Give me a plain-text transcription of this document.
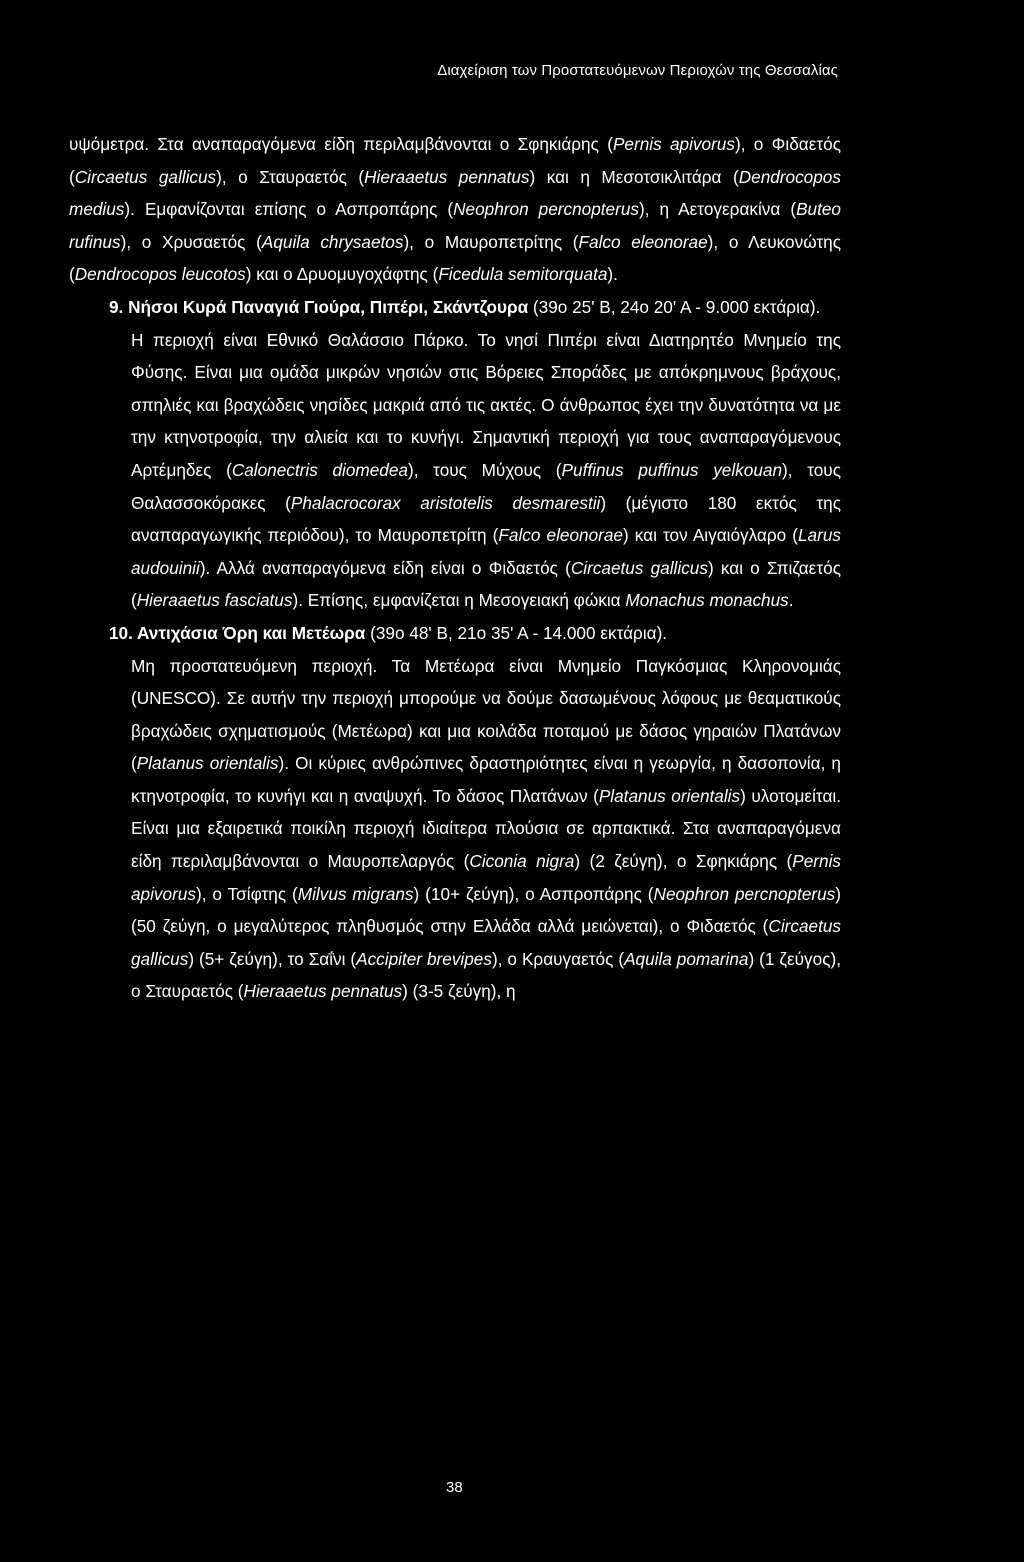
Διαχείριση των Προστατευόμενων Περιοχών της Θεσσαλίας

υψόμετρα. Στα αναπαραγόμενα είδη περιλαμβάνονται ο Σφηκιάρης (Pernis apivorus), ο Φιδαετός (Circaetus gallicus), ο Σταυραετός (Hieraaetus pennatus) και η Μεσοτσικλιτάρα (Dendrocopos medius). Εμφανίζονται επίσης ο Ασπροπάρης (Neophron percnopterus), η Αετογερακίνα (Buteo rufinus), ο Χρυσαετός (Aquila chrysaetos), ο Μαυροπετρίτης (Falco eleonorae), ο Λευκονώτης (Dendrocopos leucotos) και ο Δρυομυγοχάφτης (Ficedula semitorquata).

9. Νήσοι Κυρά Παναγιά Γιούρα, Πιπέρι, Σκάντζουρα (39ο 25' Β, 24ο 20' Α - 9.000 εκτάρια).

Η περιοχή είναι Εθνικό Θαλάσσιο Πάρκο. Το νησί Πιπέρι είναι Διατηρητέο Μνημείο της Φύσης. Είναι μια ομάδα μικρών νησιών στις Βόρειες Σποράδες με απόκρημνους βράχους, σπηλιές και βραχώδεις νησίδες μακριά από τις ακτές. Ο άνθρωπος έχει την δυνατότητα να με την κτηνοτροφία, την αλιεία και το κυνήγι. Σημαντική περιοχή για τους αναπαραγόμενους Αρτέμηδες (Calonectris diomedea), τους Μύχους (Puffinus puffinus yelkouan), τους Θαλασσοκόρακες (Phalacrocorax aristotelis desmarestii) (μέγιστο 180 εκτός της αναπαραγωγικής περιόδου), το Μαυροπετρίτη (Falco eleonorae) και τον Αιγαιόγλαρο (Larus audouinii). Αλλά αναπαραγόμενα είδη είναι ο Φιδαετός (Circaetus gallicus) και ο Σπιζαετός (Hieraaetus fasciatus). Επίσης, εμφανίζεται η Μεσογειακή φώκια Monachus monachus.

10. Αντιχάσια Όρη και Μετέωρα (39ο 48' Β, 21ο 35' Α - 14.000 εκτάρια).

Μη προστατευόμενη περιοχή. Τα Μετέωρα είναι Μνημείο Παγκόσμιας Κληρονομιάς (UNESCO). Σε αυτήν την περιοχή μπορούμε να δούμε δασωμένους λόφους με θεαματικούς βραχώδεις σχηματισμούς (Μετέωρα) και μια κοιλάδα ποταμού με δάσος γηραιών Πλατάνων (Platanus orientalis). Οι κύριες ανθρώπινες δραστηριότητες είναι η γεωργία, η δασοπονία, η κτηνοτροφία, το κυνήγι και η αναψυχή. Το δάσος Πλατάνων (Platanus orientalis) υλοτομείται. Είναι μια εξαιρετικά ποικίλη περιοχή ιδιαίτερα πλούσια σε αρπακτικά. Στα αναπαραγόμενα είδη περιλαμβάνονται ο Μαυροπελαργός (Ciconia nigra) (2 ζεύγη), ο Σφηκιάρης (Pernis apivorus), ο Τσίφτης (Milvus migrans) (10+ ζεύγη), ο Ασπροπάρης (Neophron percnopterus) (50 ζεύγη, ο μεγαλύτερος πληθυσμός στην Ελλάδα αλλά μειώνεται), ο Φιδαετός (Circaetus gallicus) (5+ ζεύγη), το Σαΐνι (Accipiter brevipes), ο Κραυγαετός (Aquila pomarina) (1 ζεύγος), ο Σταυραετός (Hieraaetus pennatus) (3-5 ζεύγη), η

38
